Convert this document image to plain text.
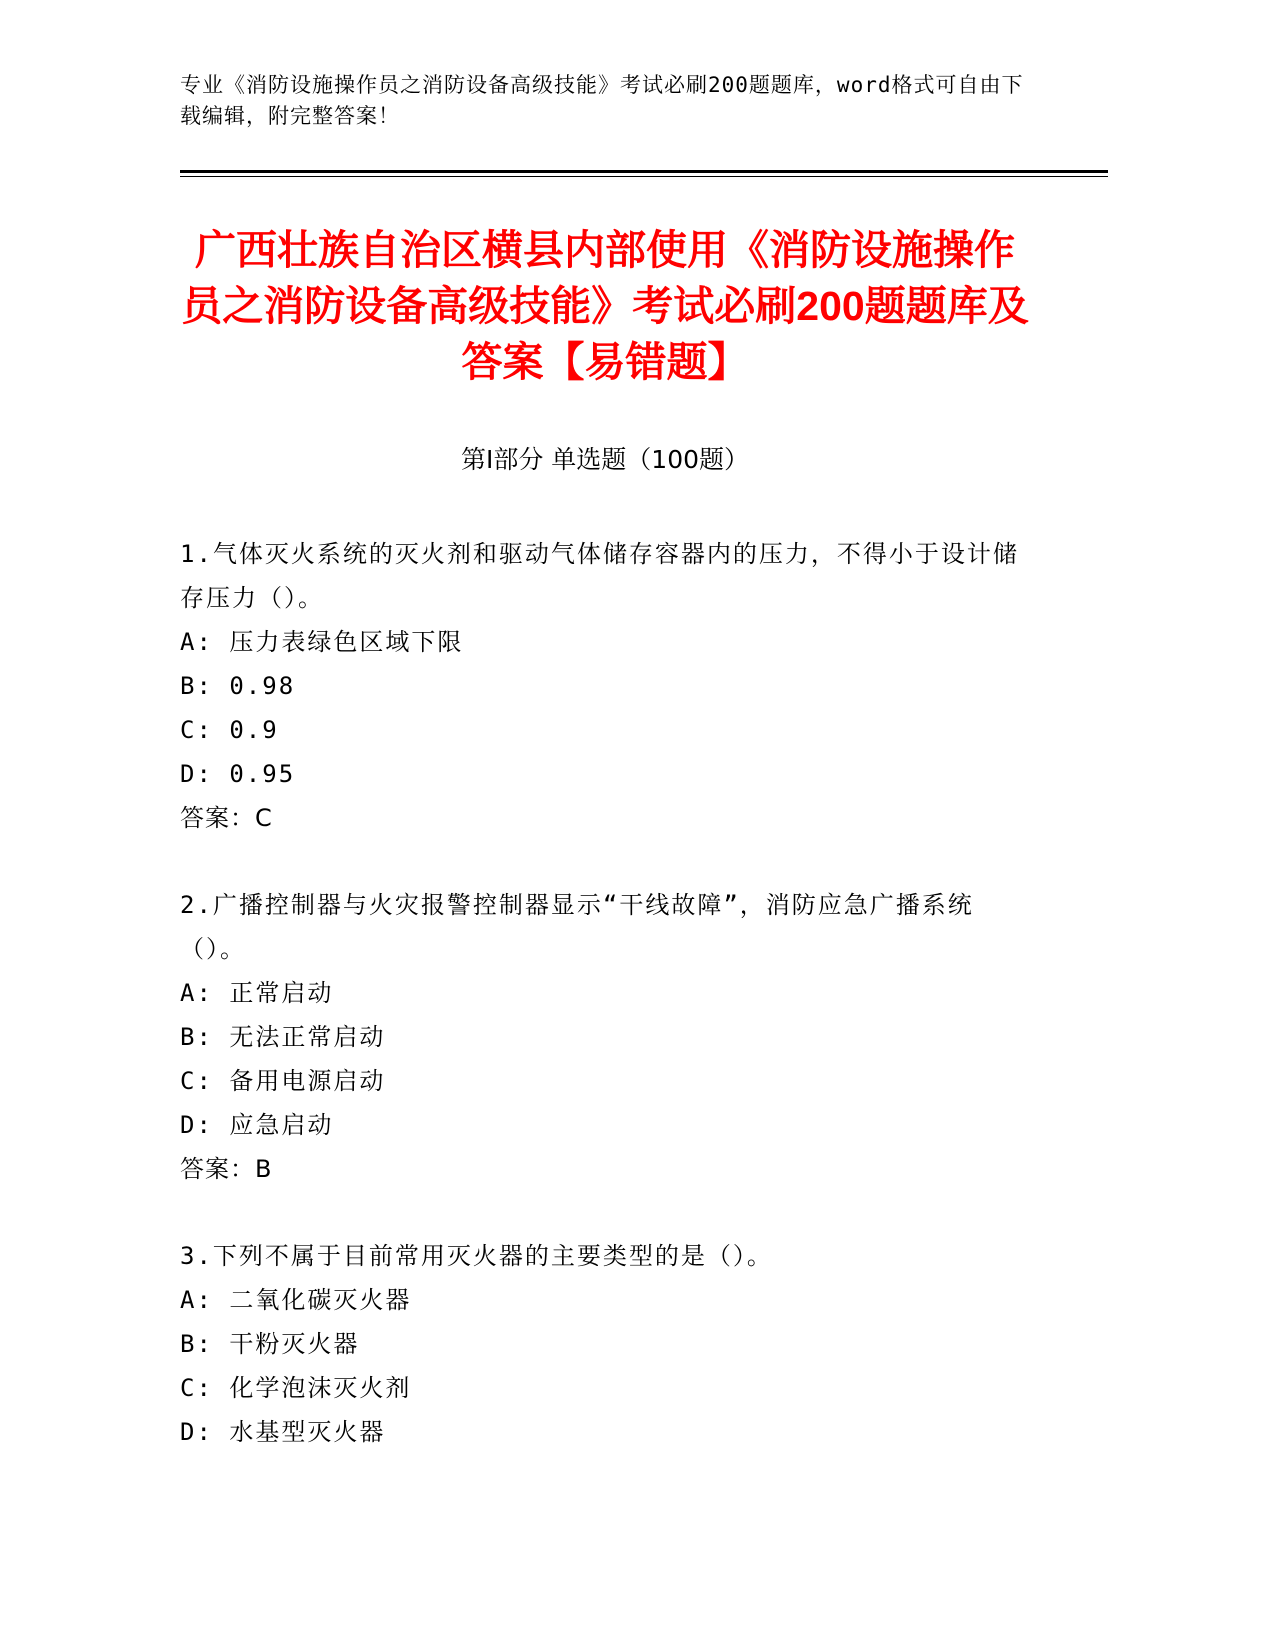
专业《消防设施操作员之消防设备高级技能》考试必刷200题题库，word格式可自由下载编辑，附完整答案！

广西壮族自治区横县内部使用《消防设施操作员之消防设备高级技能》考试必刷200题题库及答案【易错题】
第Ⅰ部分 单选题（100题）
1.气体灭火系统的灭火剂和驱动气体储存容器内的压力，不得小于设计储存压力（）。
A: 压力表绿色区域下限
B: 0.98
C: 0.9
D: 0.95
答案：C
2.广播控制器与火灾报警控制器显示“干线故障”，消防应急广播系统（）。
A: 正常启动
B: 无法正常启动
C: 备用电源启动
D: 应急启动
答案：B
3.下列不属于目前常用灭火器的主要类型的是（）。
A: 二氧化碳灭火器
B: 干粉灭火器
C: 化学泡沫灭火剂
D: 水基型灭火器
